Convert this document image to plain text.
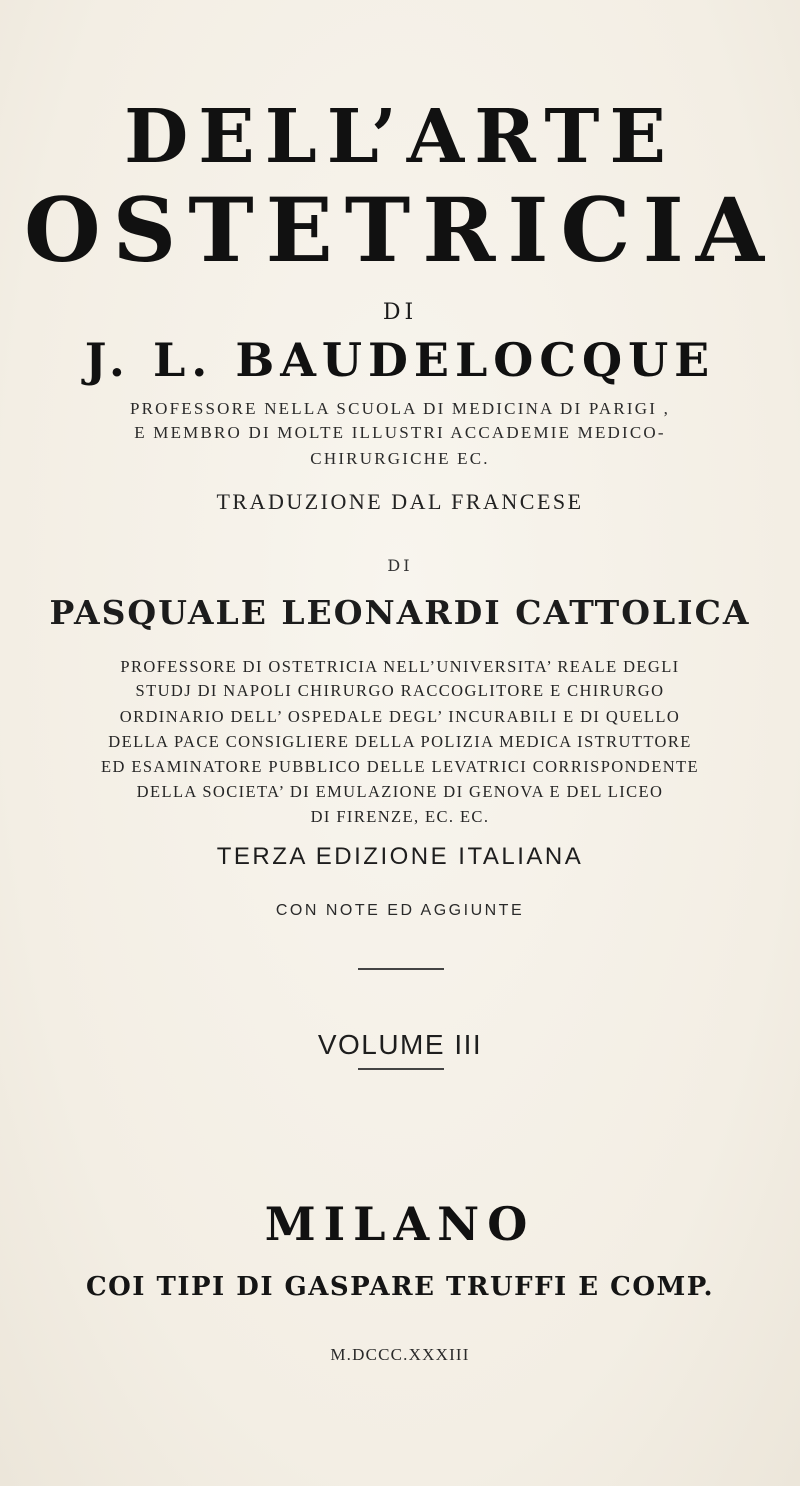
DELL’ARTE
OSTETRICIA
DI
J. L. BAUDELOCQUE
PROFESSORE NELLA SCUOLA DI MEDICINA DI PARIGI ,
E MEMBRO DI MOLTE ILLUSTRI ACCADEMIE MEDICO-
CHIRURGICHE EC.
TRADUZIONE DAL FRANCESE
DI
PASQUALE LEONARDI CATTOLICA
PROFESSORE DI OSTETRICIA NELL’UNIVERSITA’ REALE DEGLI
STUDJ DI NAPOLI CHIRURGO RACCOGLITORE E CHIRURGO
ORDINARIO DELL’ OSPEDALE DEGL’ INCURABILI E DI QUELLO
DELLA PACE CONSIGLIERE DELLA POLIZIA MEDICA ISTRUTTORE
ED ESAMINATORE PUBBLICO DELLE LEVATRICI CORRISPONDENTE
DELLA SOCIETA’ DI EMULAZIONE DI GENOVA E DEL LICEO
DI FIRENZE, EC. EC.
TERZA EDIZIONE ITALIANA
CON NOTE ED AGGIUNTE
VOLUME III
MILANO
COI TIPI DI GASPARE TRUFFI E COMP.
M.DCCC.XXXIII
